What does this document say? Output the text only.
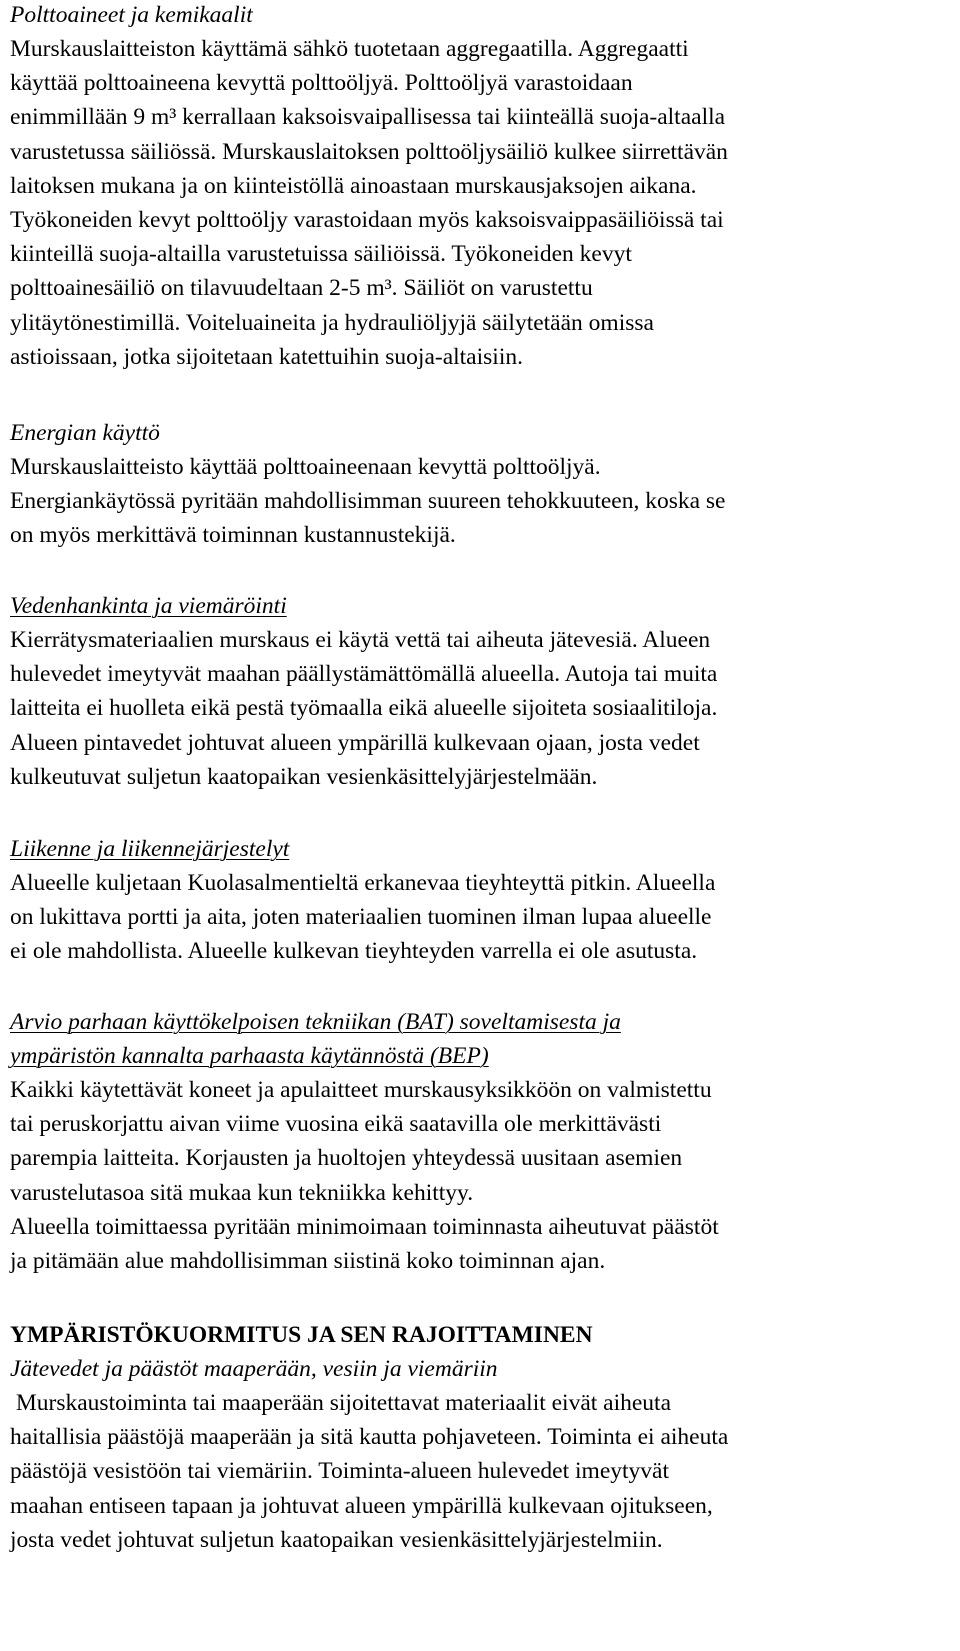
Polttoaineet ja kemikaalit

Murskauslaitteiston käyttämä sähkö tuotetaan aggregaatilla. Aggregaatti

käyttää polttoaineena kevyttä polttoöljyä. Polttoöljyä varastoidaan

enimmillään 9 m³ kerrallaan kaksoisvaipallisessa tai kiinteällä suoja-altaalla

varustetussa säiliössä. Murskauslaitoksen polttoöljysäiliö kulkee siirrettävän

laitoksen mukana ja on kiinteistöllä ainoastaan murskausjaksojen aikana.

Työkoneiden kevyt polttoöljy varastoidaan myös kaksoisvaippasäiliöissä tai

kiinteillä suoja-altailla varustetuissa säiliöissä. Työkoneiden kevyt

polttoainesäiliö on tilavuudeltaan 2-5 m³. Säiliöt on varustettu

ylitäytönestimillä. Voiteluaineita ja hydrauliöljyjä säilytetään omissa

astioissaan, jotka sijoitetaan katettuihin suoja-altaisiin.

Energian käyttö

Murskauslaitteisto käyttää polttoaineenaan kevyttä polttoöljyä.

Energiankäytössä pyritään mahdollisimman suureen tehokkuuteen, koska se

on myös merkittävä toiminnan kustannustekijä.

Vedenhankinta ja viemäröinti

Kierrätysmateriaalien murskaus ei käytä vettä tai aiheuta jätevesiä. Alueen

hulevedet imeytyvät maahan päällystämättömällä alueella. Autoja tai muita

laitteita ei huolleta eikä pestä työmaalla eikä alueelle sijoiteta sosiaalitiloja.

Alueen pintavedet johtuvat alueen ympärillä kulkevaan ojaan, josta vedet

kulkeutuvat suljetun kaatopaikan vesienkäsittelyjärjestelmään.

Liikenne ja liikennejärjestelyt

Alueelle kuljetaan Kuolasalmentieltä erkanevaa tieyhteyttä pitkin. Alueella

on lukittava portti ja aita, joten materiaalien tuominen ilman lupaa alueelle

ei ole mahdollista. Alueelle kulkevan tieyhteyden varrella ei ole asutusta.

Arvio parhaan käyttökelpoisen tekniikan (BAT) soveltamisesta ja
ympäristön kannalta parhaasta käytännöstä (BEP)

Kaikki käytettävät koneet ja apulaitteet murskausyksikköön on valmistettu

tai peruskorjattu aivan viime vuosina eikä saatavilla ole merkittävästi

parempia laitteita. Korjausten ja huoltojen yhteydessä uusitaan asemien

varustelutasoa sitä mukaa kun tekniikka kehittyy.

Alueella toimittaessa pyritään minimoimaan toiminnasta aiheutuvat päästöt

ja pitämään alue mahdollisimman siistinä koko toiminnan ajan.

YMPÄRISTÖKUORMITUS JA SEN RAJOITTAMINEN
Jätevedet ja päästöt maaperään, vesiin ja viemäriin

Murskaustoiminta tai maaperään sijoitettavat materiaalit eivät aiheuta

haitallisia päästöjä maaperään ja sitä kautta pohjaveteen. Toiminta ei aiheuta

päästöjä vesistöön tai viemäriin. Toiminta-alueen hulevedet imeytyvät

maahan entiseen tapaan ja johtuvat alueen ympärillä kulkevaan ojitukseen,

josta vedet johtuvat suljetun kaatopaikan vesienkäsittelyjärjestelmiin.
